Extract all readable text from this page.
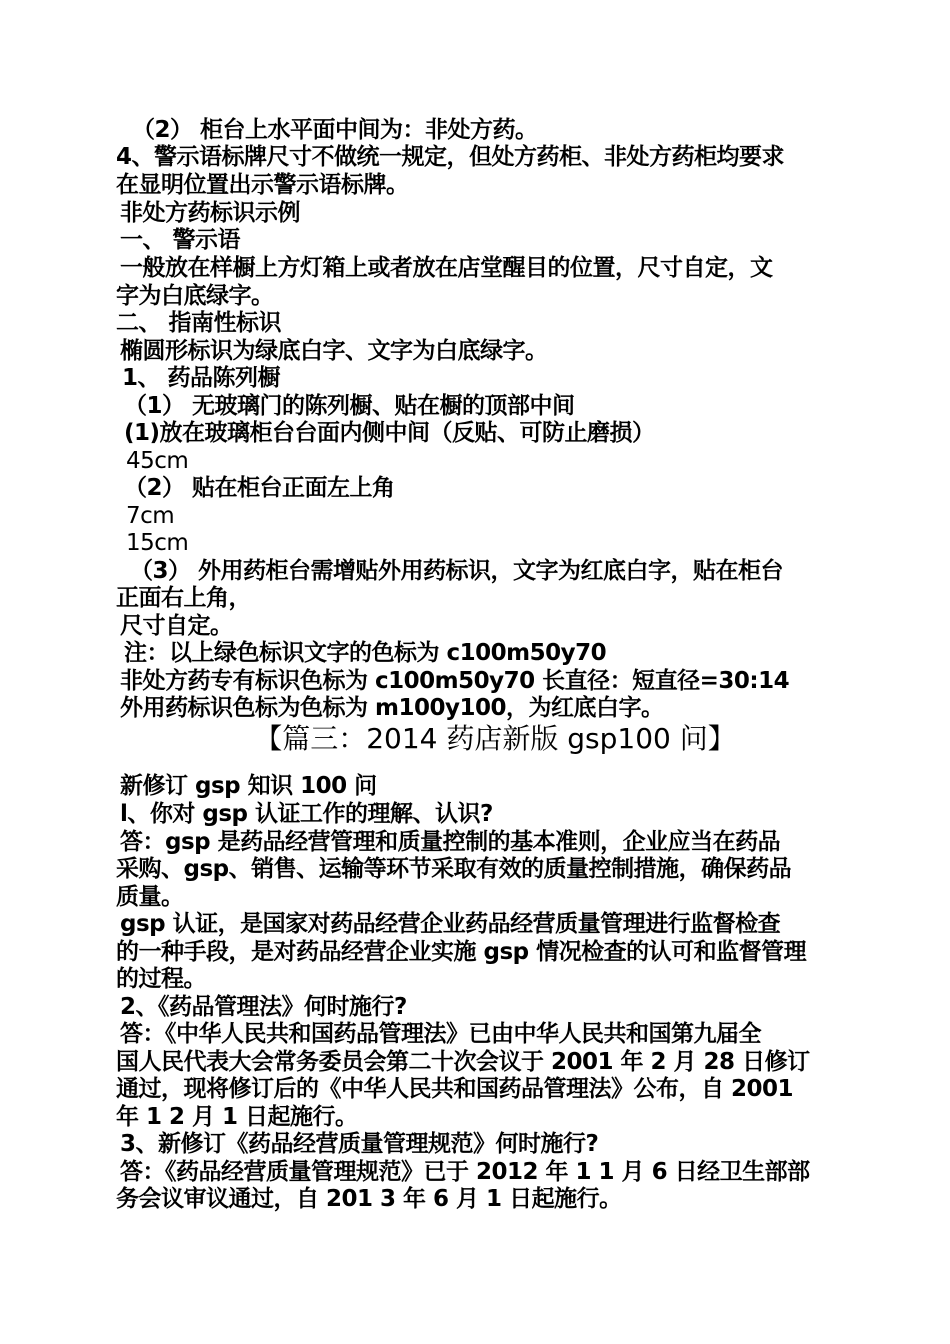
（2） 柜台上水平面中间为：非处方药。
4、警示语标牌尺寸不做统一规定，但处方药柜、非处方药柜均要求
在显明位置出示警示语标牌。
非处方药标识示例
一、 警示语
一般放在样橱上方灯箱上或者放在店堂醒目的位置，尺寸自定，文
字为白底绿字。
二、 指南性标识
椭圆形标识为绿底白字、文字为白底绿字。
1、 药品陈列橱
（1） 无玻璃门的陈列橱、贴在橱的顶部中间
(1)放在玻璃柜台台面内侧中间（反贴、可防止磨损）
45cm
（2） 贴在柜台正面左上角
7cm
15cm
（3） 外用药柜台需增贴外用药标识，文字为红底白字，贴在柜台
正面右上角，
尺寸自定。
注：以上绿色标识文字的色标为 c100m50y70
非处方药专有标识色标为 c100m50y70 长直径：短直径=30:14
外用药标识色标为色标为 m100y100，为红底白字。
【篇三：2014 药店新版 gsp100 问】
新修订 gsp 知识 100 问
l、你对 gsp 认证工作的理解、认识?
答：gsp 是药品经营管理和质量控制的基本准则，企业应当在药品
采购、gsp、销售、运输等环节采取有效的质量控制措施，确保药品
质量。
gsp 认证，是国家对药品经营企业药品经营质量管理进行监督检查
的一种手段，是对药品经营企业实施 gsp 情况检查的认可和监督管理
的过程。
2、《药品管理法》何时施行?
答：《中华人民共和国药品管理法》已由中华人民共和国第九届全
国人民代表大会常务委员会第二十次会议于 2001 年 2 月 28 日修订
通过，现将修订后的《中华人民共和国药品管理法》公布，自 2001
年 1 2 月 1 日起施行。
3、新修订《药品经营质量管理规范》何时施行?
答：《药品经营质量管理规范》已于 2012 年 1 1 月 6 日经卫生部部
务会议审议通过，自 201 3 年 6 月 1 日起施行。
